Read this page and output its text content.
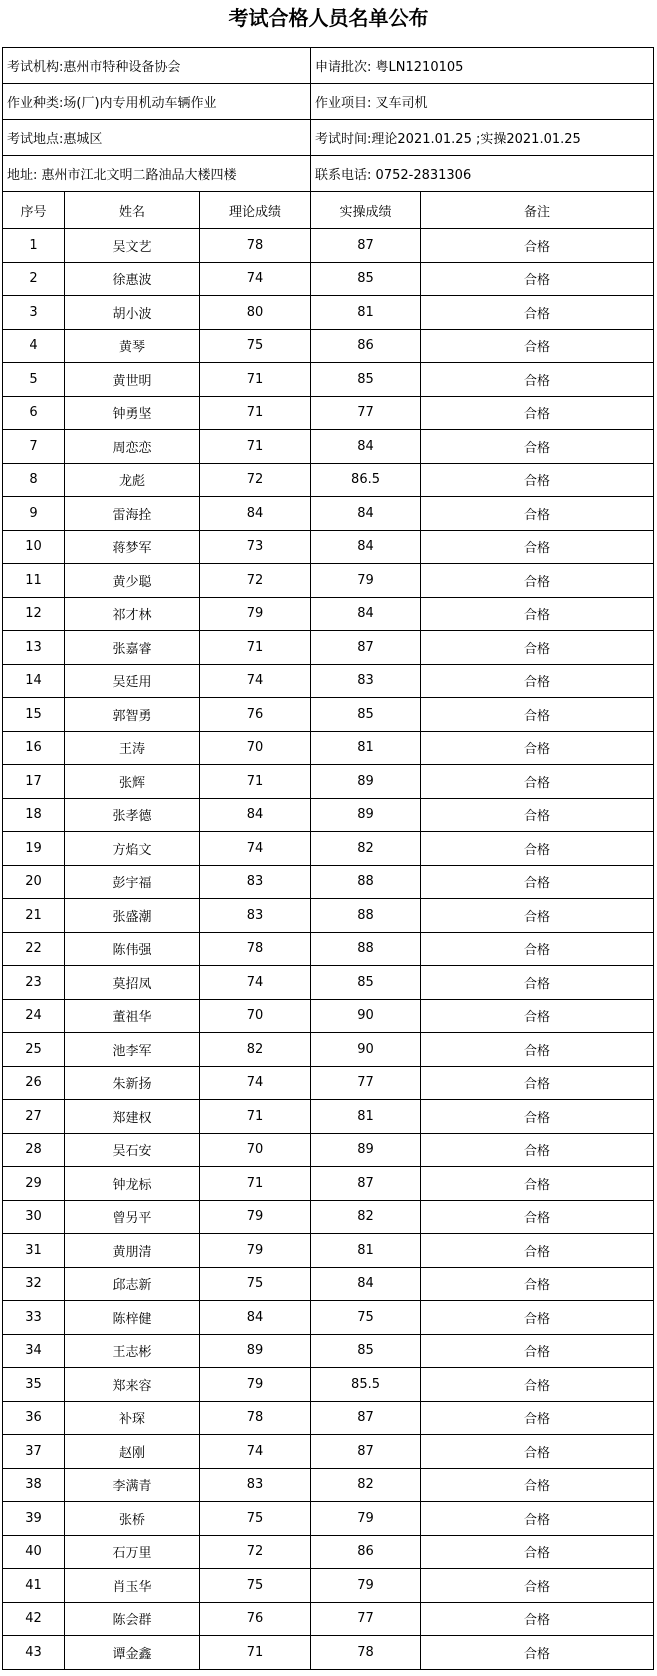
考试合格人员名单公布
考试机构:惠州市特种设备协会			申请批次: 粤LN1210105	
作业种类:场(厂)内专用机动车辆作业			作业项目: 叉车司机	
考试地点:惠城区			考试时间:理论2021.01.25 ;实操2021.01.25	
地址: 惠州市江北文明二路油品大楼四楼			联系电话: 0752-2831306	
序号	姓名	理论成绩	实操成绩	备注
1	吴文艺	78	87	合格
2	徐惠波	74	85	合格
3	胡小波	80	81	合格
4	黄琴	75	86	合格
5	黄世明	71	85	合格
6	钟勇坚	71	77	合格
7	周恋恋	71	84	合格
8	龙彪	72	86.5	合格
9	雷海拴	84	84	合格
10	蒋梦军	73	84	合格
11	黄少聪	72	79	合格
12	祁才林	79	84	合格
13	张嘉睿	71	87	合格
14	吴廷用	74	83	合格
15	郭智勇	76	85	合格
16	王涛	70	81	合格
17	张辉	71	89	合格
18	张孝德	84	89	合格
19	方焰文	74	82	合格
20	彭宇福	83	88	合格
21	张盛潮	83	88	合格
22	陈伟强	78	88	合格
23	莫招凤	74	85	合格
24	董祖华	70	90	合格
25	池李军	82	90	合格
26	朱新扬	74	77	合格
27	郑建权	71	81	合格
28	吴石安	70	89	合格
29	钟龙标	71	87	合格
30	曾另平	79	82	合格
31	黄朋清	79	81	合格
32	邱志新	75	84	合格
33	陈梓健	84	75	合格
34	王志彬	89	85	合格
35	郑来容	79	85.5	合格
36	补琛	78	87	合格
37	赵刚	74	87	合格
38	李满青	83	82	合格
39	张桥	75	79	合格
40	石万里	72	86	合格
41	肖玉华	75	79	合格
42	陈会群	76	77	合格
43	谭金鑫	71	78	合格
